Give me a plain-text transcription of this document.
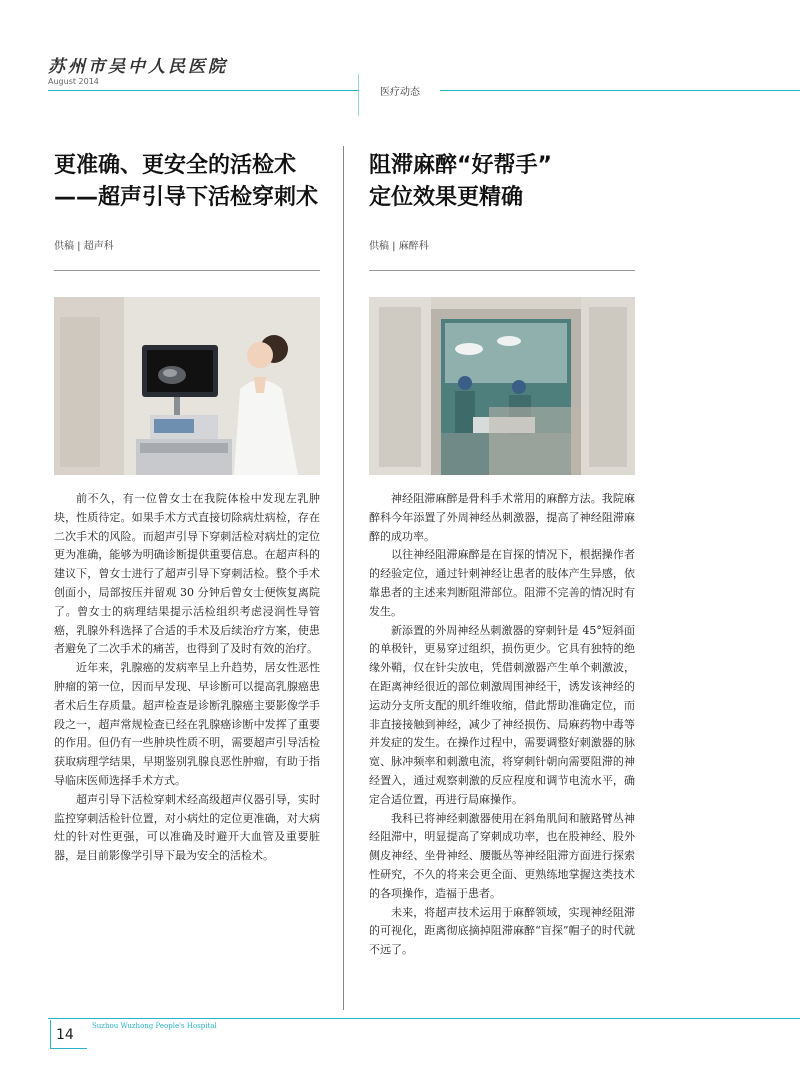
苏州市吴中人民医院
August 2014
医疗动态
更准确、更安全的活检术
——超声引导下活检穿刺术
供稿 | 超声科

前不久，有一位曾女士在我院体检中发现左乳肿块，性质待定。如果手术方式直接切除病灶病检，存在二次手术的风险。而超声引导下穿刺活检对病灶的定位更为准确，能够为明确诊断提供重要信息。在超声科的建议下，曾女士进行了超声引导下穿刺活检。整个手术创面小，局部按压并留观 30 分钟后曾女士便恢复离院了。曾女士的病理结果提示活检组织考虑浸润性导管癌，乳腺外科选择了合适的手术及后续治疗方案，使患者避免了二次手术的痛苦，也得到了及时有效的治疗。

近年来，乳腺癌的发病率呈上升趋势，居女性恶性肿瘤的第一位，因而早发现、早诊断可以提高乳腺癌患者术后生存质量。超声检查是诊断乳腺癌主要影像学手段之一，超声常规检查已经在乳腺癌诊断中发挥了重要的作用。但仍有一些肿块性质不明，需要超声引导活检获取病理学结果，早期鉴别乳腺良恶性肿瘤，有助于指导临床医师选择手术方式。

超声引导下活检穿刺术经高级超声仪器引导，实时监控穿刺活检针位置，对小病灶的定位更准确，对大病灶的针对性更强，可以准确及时避开大血管及重要脏器，是目前影像学引导下最为安全的活检术。

阻滞麻醉“好帮手”
定位效果更精确
供稿 | 麻醉科

神经阻滞麻醉是骨科手术常用的麻醉方法。我院麻醉科今年添置了外周神经丛刺激器，提高了神经阻滞麻醉的成功率。

以往神经阻滞麻醉是在盲探的情况下，根据操作者的经验定位，通过针刺神经让患者的肢体产生异感，依靠患者的主述来判断阻滞部位。阻滞不完善的情况时有发生。

新添置的外周神经丛刺激器的穿刺针是 45°短斜面的单极针，更易穿过组织，损伤更少。它具有独特的绝缘外鞘，仅在针尖放电，凭借刺激器产生单个刺激波，在距离神经很近的部位刺激周围神经干，诱发该神经的运动分支所支配的肌纤维收缩，借此帮助准确定位，而非直接接触到神经，减少了神经损伤、局麻药物中毒等并发症的发生。在操作过程中，需要调整好刺激器的脉宽、脉冲频率和刺激电流，将穿刺针朝向需要阻滞的神经置入，通过观察刺激的反应程度和调节电流水平，确定合适位置，再进行局麻操作。

我科已将神经刺激器使用在斜角肌间和腋路臂丛神经阻滞中，明显提高了穿刺成功率，也在股神经、股外侧皮神经、坐骨神经、腰骶丛等神经阻滞方面进行探索性研究，不久的将来会更全面、更熟练地掌握这类技术的各项操作，造福于患者。

未来，将超声技术运用于麻醉领域，实现神经阻滞的可视化，距离彻底摘掉阻滞麻醉“盲探”帽子的时代就不远了。

14
Suzhou Wuzhong People's Hospital
